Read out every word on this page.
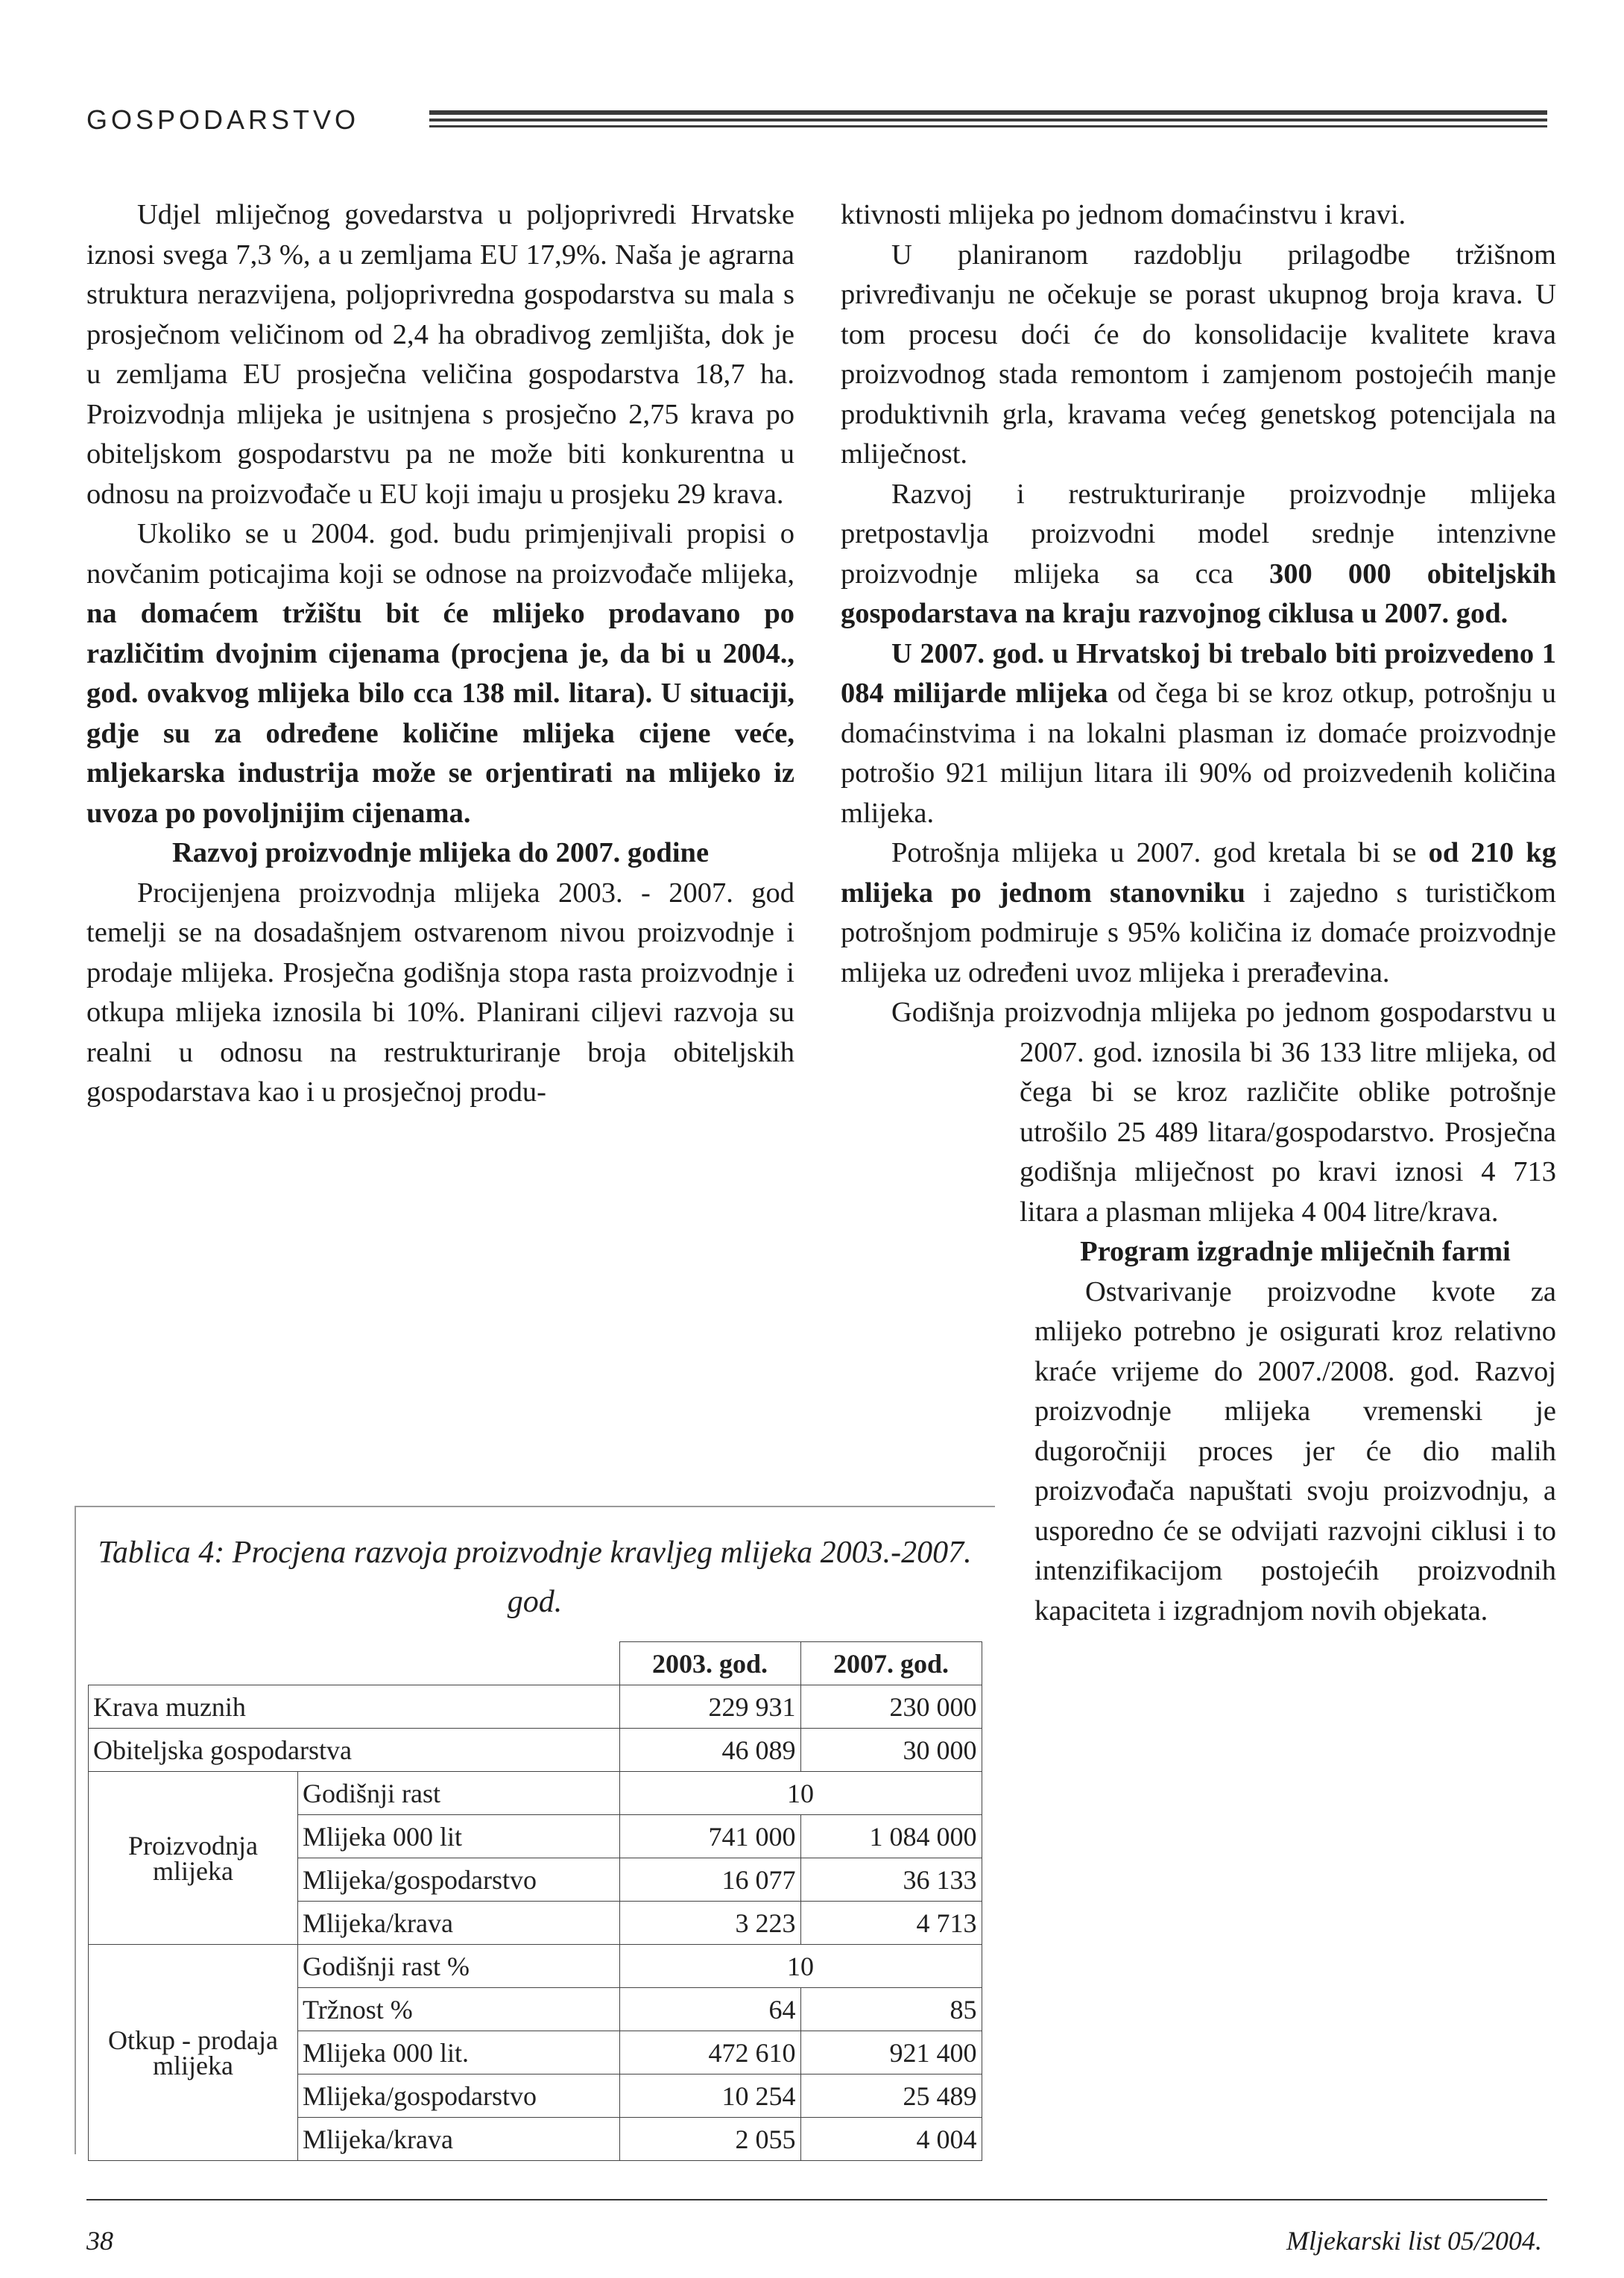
GOSPODARSTVO

Udjel mliječnog govedarstva u poljoprivredi Hrvatske iznosi svega 7,3 %, a u zemljama EU 17,9%. Naša je agrarna struktura nerazvijena, poljoprivredna gospodarstva su mala s prosječnom veličinom od 2,4 ha obradivog zemljišta, dok je u zemljama EU prosječna veličina gospodarstva 18,7 ha. Proizvodnja mlijeka je usitnjena s prosječno 2,75 krava po obiteljskom gospodarstvu pa ne može biti konkurentna u odnosu na proizvođače u EU koji imaju u prosjeku 29 krava.

Ukoliko se u 2004. god. budu primjenjivali propisi o novčanim poticajima koji se odnose na proizvođače mlijeka, na domaćem tržištu bit će mlijeko prodavano po različitim dvojnim cijenama (procjena je, da bi u 2004., god. ovakvog mlijeka bilo cca 138 mil. litara). U situaciji, gdje su za određene količine mlijeka cijene veće, mljekarska industrija može se orjentirati na mlijeko iz uvoza po povoljnijim cijenama.

Razvoj proizvodnje mlijeka do 2007. godine

Procijenjena proizvodnja mlijeka 2003. - 2007. god temelji se na dosadašnjem ostvarenom nivou proizvodnje i prodaje mlijeka. Prosječna godišnja stopa rasta proizvodnje i otkupa mlijeka iznosila bi 10%. Planirani ciljevi razvoja su realni u odnosu na restrukturiranje broja obiteljskih gospodarstava kao i u prosječnoj produ-

ktivnosti mlijeka po jednom domaćinstvu i kravi.

U planiranom razdoblju prilagodbe tržišnom privređivanju ne očekuje se porast ukupnog broja krava. U tom procesu doći će do konsolidacije kvalitete krava proizvodnog stada remontom i zamjenom postojećih manje produktivnih grla, kravama većeg genetskog potencijala na mliječnost.

Razvoj i restrukturiranje proizvodnje mlijeka pretpostavlja proizvodni model srednje intenzivne proizvodnje mlijeka sa cca 300 000 obiteljskih gospodarstava na kraju razvojnog ciklusa u 2007. god.

U 2007. god. u Hrvatskoj bi trebalo biti proizvedeno 1 084 milijarde mlijeka od čega bi se kroz otkup, potrošnju u domaćinstvima i na lokalni plasman iz domaće proizvodnje potrošio 921 milijun litara ili 90% od proizvedenih količina mlijeka.

Potrošnja mlijeka u 2007. god kretala bi se od 210 kg mlijeka po jednom stanovniku i zajedno s turističkom potrošnjom podmiruje s 95% količina iz domaće proizvodnje mlijeka uz određeni uvoz mlijeka i prerađevina.

Godišnja proizvodnja mlijeka po jednom gospodarstvu u 2007. god. iznosila bi 36 133 litre mlijeka, od čega bi se kroz različite oblike potrošnje utrošilo 25 489 litara/gospodarstvo. Prosječna godišnja mliječnost po kravi iznosi 4 713 litara a plasman mlijeka 4 004 litre/krava.

Program izgradnje mliječnih farmi

Ostvarivanje proizvodne kvote za mlijeko potrebno je osigurati kroz relativno kraće vrijeme do 2007./2008. god. Razvoj proizvodnje mlijeka vremenski je dugoročniji proces jer će dio malih proizvođača napuštati svoju proizvodnju, a usporedno će se odvijati razvojni ciklusi i to intenzifikacijom postojećih proizvodnih kapaciteta i izgradnjom novih objekata.

Tablica 4: Procjena razvoja proizvodnje kravljeg mlijeka 2003.-2007. god.
		2003. god.	2007. god.
Krava muznih		229 931	230 000
Obiteljska gospodarstva		46 089	30 000
Proizvodnja mlijeka	Godišnji rast	10	
	Mlijeka 000 lit	741 000	1 084 000
	Mlijeka/gospodarstvo	16 077	36 133
	Mlijeka/krava	3 223	4 713
Otkup - prodaja mlijeka	Godišnji rast %	10	
	Tržnost %	64	85
	Mlijeka 000 lit.	472 610	921 400
	Mlijeka/gospodarstvo	10 254	25 489
	Mlijeka/krava	2 055	4 004
38	Mljekarski list 05/2004.
